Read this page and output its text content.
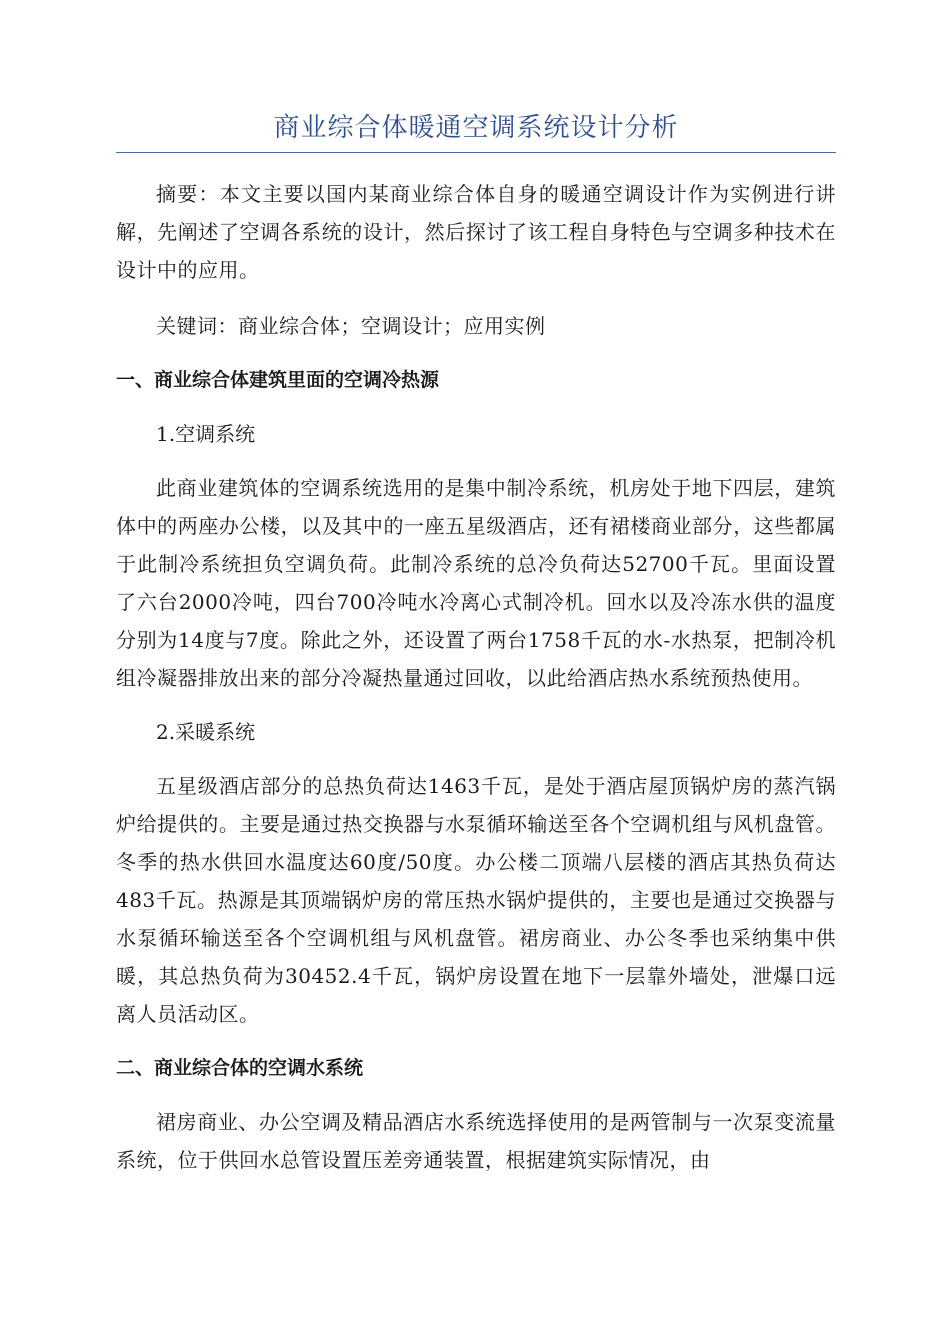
商业综合体暖通空调系统设计分析

摘要：本文主要以国内某商业综合体自身的暖通空调设计作为实例进行讲解，先阐述了空调各系统的设计，然后探讨了该工程自身特色与空调多种技术在设计中的应用。

关键词：商业综合体；空调设计；应用实例

一、商业综合体建筑里面的空调冷热源
1.空调系统

此商业建筑体的空调系统选用的是集中制冷系统，机房处于地下四层，建筑体中的两座办公楼，以及其中的一座五星级酒店，还有裙楼商业部分，这些都属于此制冷系统担负空调负荷。此制冷系统的总冷负荷达52700千瓦。里面设置了六台2000冷吨，四台700冷吨水冷离心式制冷机。回水以及冷冻水供的温度分别为14度与7度。除此之外，还设置了两台1758千瓦的水-水热泵，把制冷机组冷凝器排放出来的部分冷凝热量通过回收，以此给酒店热水系统预热使用。

2.采暖系统

五星级酒店部分的总热负荷达1463千瓦，是处于酒店屋顶锅炉房的蒸汽锅炉给提供的。主要是通过热交换器与水泵循环输送至各个空调机组与风机盘管。冬季的热水供回水温度达60度/50度。办公楼二顶端八层楼的酒店其热负荷达483千瓦。热源是其顶端锅炉房的常压热水锅炉提供的，主要也是通过交换器与水泵循环输送至各个空调机组与风机盘管。裙房商业、办公冬季也采纳集中供暖，其总热负荷为30452.4千瓦，锅炉房设置在地下一层靠外墙处，泄爆口远离人员活动区。

二、商业综合体的空调水系统

裙房商业、办公空调及精品酒店水系统选择使用的是两管制与一次泵变流量系统，位于供回水总管设置压差旁通装置，根据建筑实际情况，由
